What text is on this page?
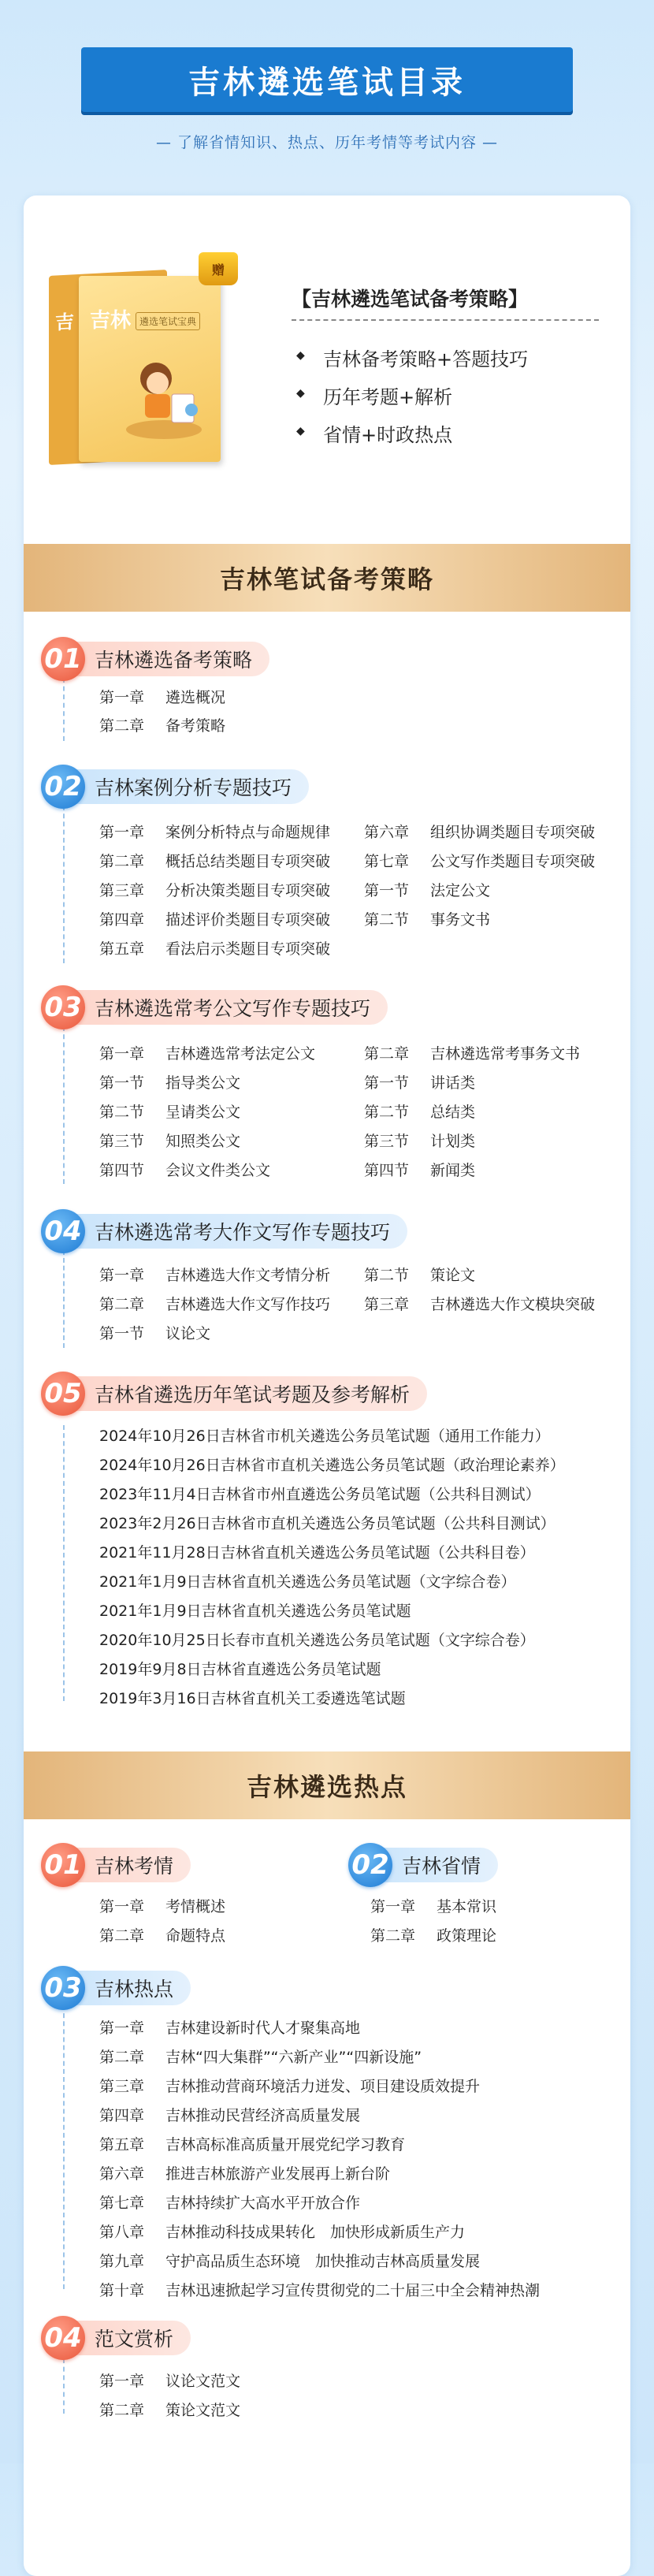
吉林遴选笔试目录
— 了解省情知识、热点、历年考情等考试内容 —
吉 吉林 遴选笔试宝典
赠
【吉林遴选笔试备考策略】
◆ 吉林备考策略+答题技巧
◆ 历年考题+解析
◆ 省情+时政热点
吉林笔试备考策略
01 吉林遴选备考策略
第一章 遴选概况
第二章 备考策略
02 吉林案例分析专题技巧
第一章 案例分析特点与命题规律
第二章 概括总结类题目专项突破
第三章 分析决策类题目专项突破
第四章 描述评价类题目专项突破
第五章 看法启示类题目专项突破
第六章 组织协调类题目专项突破
第七章 公文写作类题目专项突破
第一节 法定公文
第二节 事务文书
03 吉林遴选常考公文写作专题技巧
第一章 吉林遴选常考法定公文
第一节 指导类公文
第二节 呈请类公文
第三节 知照类公文
第四节 会议文件类公文
第二章 吉林遴选常考事务文书
第一节 讲话类
第二节 总结类
第三节 计划类
第四节 新闻类
04 吉林遴选常考大作文写作专题技巧
第一章 吉林遴选大作文考情分析
第二章 吉林遴选大作文写作技巧
第一节 议论文
第二节 策论文
第三章 吉林遴选大作文模块突破
05 吉林省遴选历年笔试考题及参考解析
2024年10月26日吉林省市机关遴选公务员笔试题（通用工作能力）
2024年10月26日吉林省市直机关遴选公务员笔试题（政治理论素养）
2023年11月4日吉林省市州直遴选公务员笔试题（公共科目测试）
2023年2月26日吉林省市直机关遴选公务员笔试题（公共科目测试）
2021年11月28日吉林省直机关遴选公务员笔试题（公共科目卷）
2021年1月9日吉林省直机关遴选公务员笔试题（文字综合卷）
2021年1月9日吉林省直机关遴选公务员笔试题
2020年10月25日长春市直机关遴选公务员笔试题（文字综合卷）
2019年9月8日吉林省直遴选公务员笔试题
2019年3月16日吉林省直机关工委遴选笔试题
吉林遴选热点
01 吉林考情
第一章 考情概述
第二章 命题特点
02 吉林省情
第一章 基本常识
第二章 政策理论
03 吉林热点
第一章 吉林建设新时代人才聚集高地
第二章 吉林“四大集群”“六新产业”“四新设施”
第三章 吉林推动营商环境活力迸发、项目建设质效提升
第四章 吉林推动民营经济高质量发展
第五章 吉林高标准高质量开展党纪学习教育
第六章 推进吉林旅游产业发展再上新台阶
第七章 吉林持续扩大高水平开放合作
第八章 吉林推动科技成果转化　加快形成新质生产力
第九章 守护高品质生态环境　加快推动吉林高质量发展
第十章 吉林迅速掀起学习宣传贯彻党的二十届三中全会精神热潮
04 范文赏析
第一章 议论文范文
第二章 策论文范文
